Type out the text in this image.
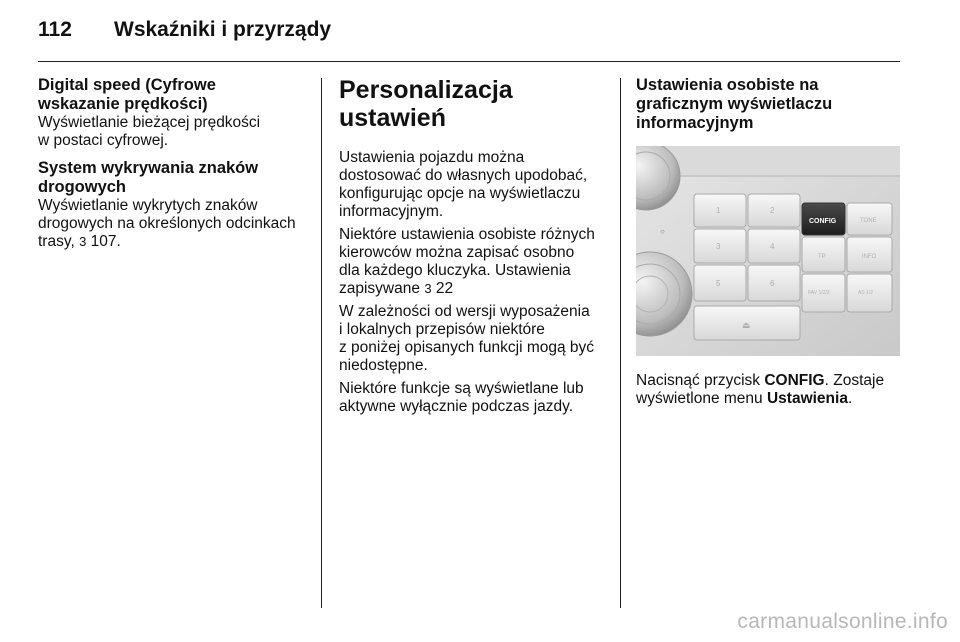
112 Wskaźniki i przyrządy
Digital speed (Cyfrowe
wskazanie prędkości)
Wyświetlanie bieżącej prędkości
w postaci cyfrowej.
System wykrywania znaków
drogowych
Wyświetlanie wykrytych znaków
drogowych na określonych odcinkach
trasy, 3 107.
Personalizacja ustawień
Ustawienia pojazdu można
dostosować do własnych upodobać,
konfigurując opcje na wyświetlaczu
informacyjnym.
Niektóre ustawienia osobiste różnych
kierowców można zapisać osobno
dla każdego kluczyka. Ustawienia
zapisywane 3 22
W zależności od wersji wyposażenia
i lokalnych przepisów niektóre
z poniżej opisanych funkcji mogą być
niedostępne.
Niektóre funkcje są wyświetlane lub
aktywne wyłącznie podczas jazdy.
Ustawienia osobiste na
graficznym wyświetlaczu
informacyjnym
○
1	2
3	4
5	6
TP	INFO
TONE
FAV 1/2/3	AS 1/2
⏏
CONFIG
Nacisnąć przycisk CONFIG. Zostaje
wyświetlone menu Ustawienia.
carmanualsonline.info
